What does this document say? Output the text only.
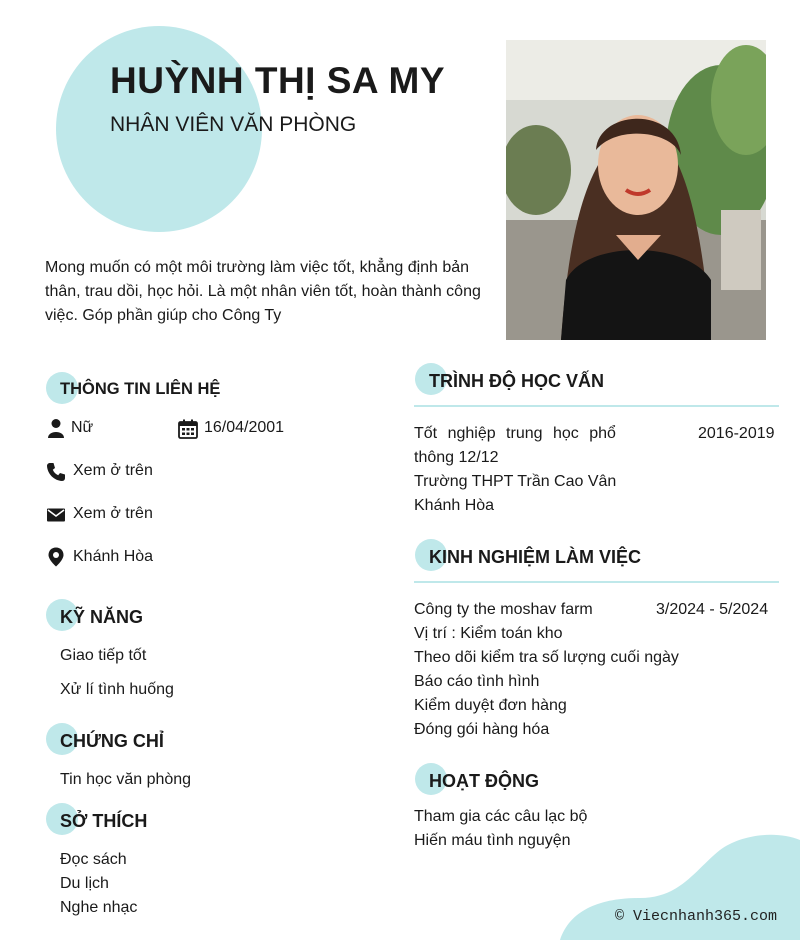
HUỲNH THỊ SA MY
NHÂN VIÊN VĂN PHÒNG
Mong muốn có một môi trường làm việc tốt, khẳng định bản thân, trau dồi, học hỏi. Là một nhân viên tốt, hoàn thành công việc. Góp phần giúp cho Công Ty
THÔNG TIN LIÊN HỆ
Nữ	16/04/2001
Xem ở trên
Xem ở trên
Khánh Hòa
KỸ NĂNG
Giao tiếp tốt
Xử lí tình huống
CHỨNG CHỈ
Tin học văn phòng
SỞ THÍCH
Đọc sách
Du lịch
Nghe nhạc
TRÌNH ĐỘ HỌC VẤN
Tốt nghiệp trung học phổ	2016-2019
thông 12/12
Trường THPT Trần Cao Vân
Khánh Hòa
KINH NGHIỆM LÀM VIỆC
Công ty the moshav farm	3/2024 - 5/2024
Vị trí : Kiểm toán kho
Theo dõi kiểm tra số lượng cuối ngày
Báo cáo tình hình
Kiểm duyệt đơn hàng
Đóng gói hàng hóa
HOẠT ĐỘNG
Tham gia các câu lạc bộ
Hiến máu tình nguyện
© Viecnhanh365.com
